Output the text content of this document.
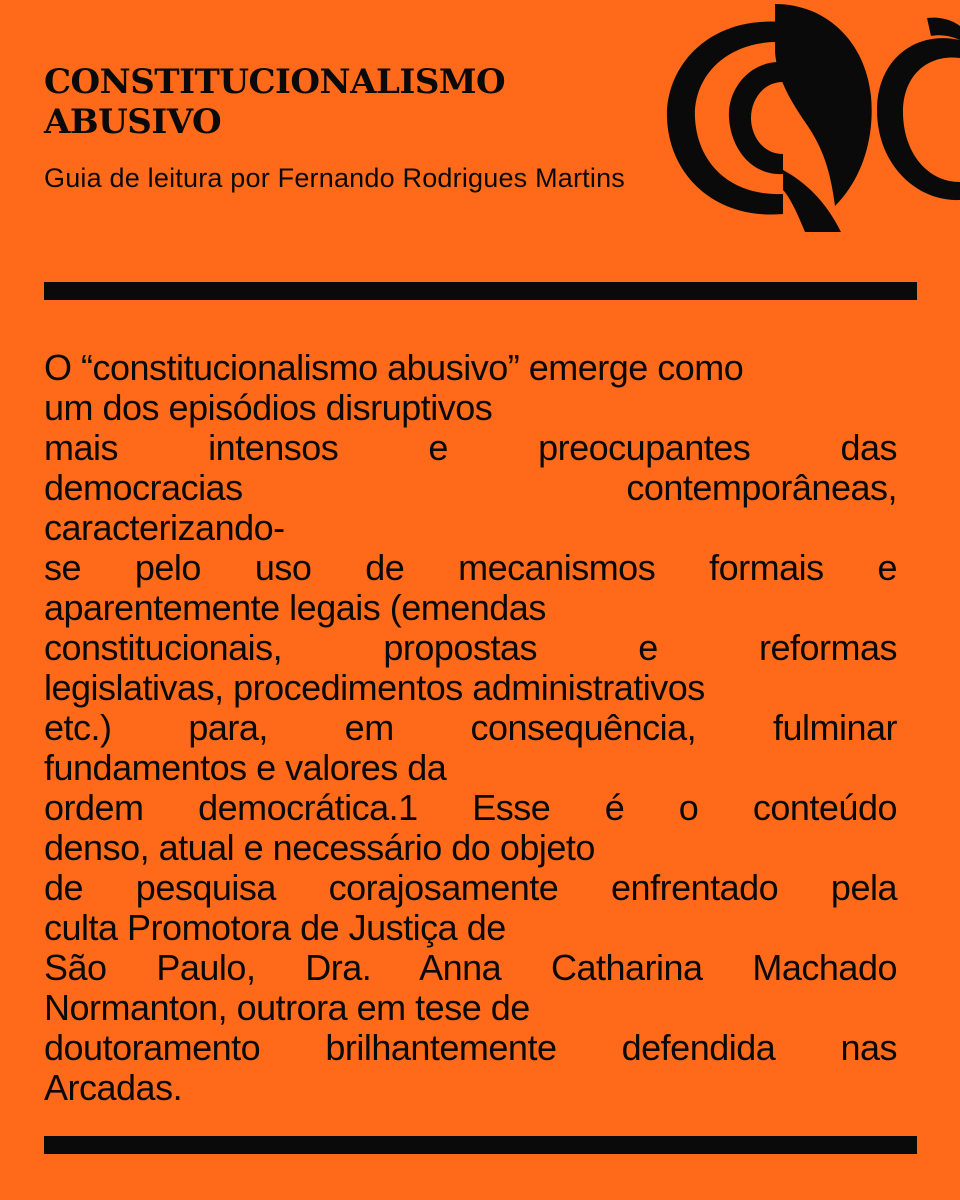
CONSTITUCIONALISMO
ABUSIVO

Guia de leitura por Fernando Rodrigues Martins

O “constitucionalismo abusivo” emerge como
um dos episódios disruptivos
mais intensos e preocupantes das
democracias contemporâneas,
caracterizando-
se pelo uso de mecanismos formais e
aparentemente legais (emendas
constitucionais, propostas e reformas
legislativas, procedimentos administrativos
etc.) para, em consequência, fulminar
fundamentos e valores da
ordem democrática.1 Esse é o conteúdo
denso, atual e necessário do objeto
de pesquisa corajosamente enfrentado pela
culta Promotora de Justiça de
São Paulo, Dra. Anna Catharina Machado
Normanton, outrora em tese de
doutoramento brilhantemente defendida nas
Arcadas.
